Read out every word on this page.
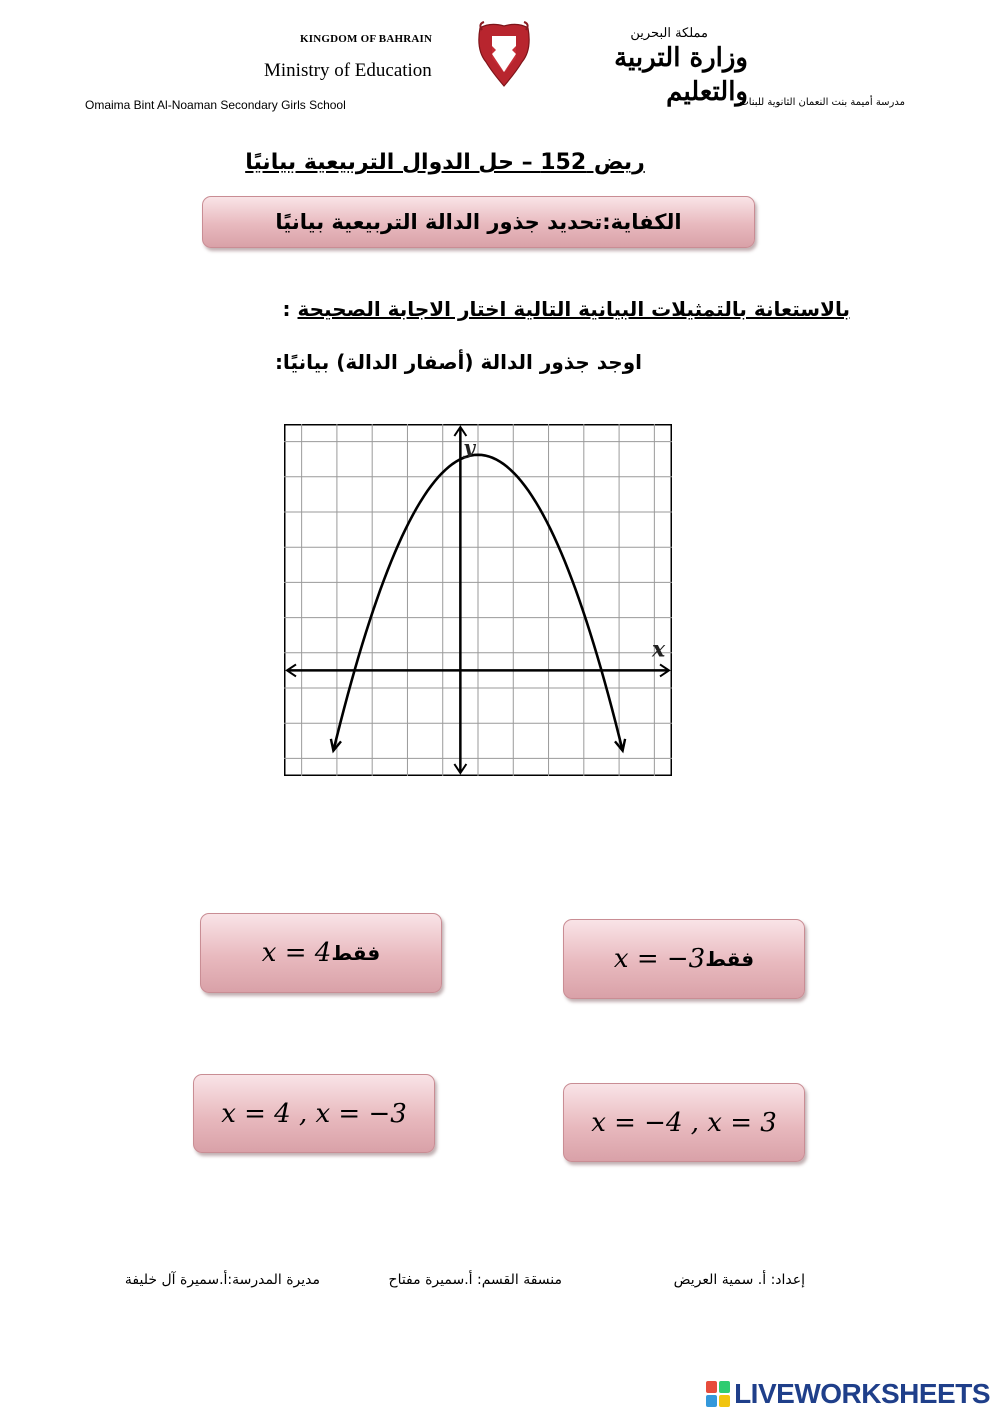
KINGDOM OF BAHRAIN
Ministry of Education
مملكة البحرين
وزارة التربية والتعليم
Omaima Bint Al-Noaman Secondary Girls School	مدرسة أميمة بنت النعمان الثانوية للبنات
ريض 152 – حل الدوال التربيعية بيانيًا
الكفاية:تحديد جذور الدالة التربيعية بيانيًا
بالاستعانة بالتمثيلات البيانية التالية اختار الاجابة الصحيحة :
اوجد جذور الدالة (أصفار الدالة) بيانيًا:
x
y
x = 4 فقط	x = −3 فقط
x = 4 , x = −3	x = −4 , x = 3
إعداد: أ. سمية العريض
منسقة القسم: أ.سميرة مفتاح
مديرة المدرسة:أ.سميرة آل خليفة
LIVEWORKSHEETS
